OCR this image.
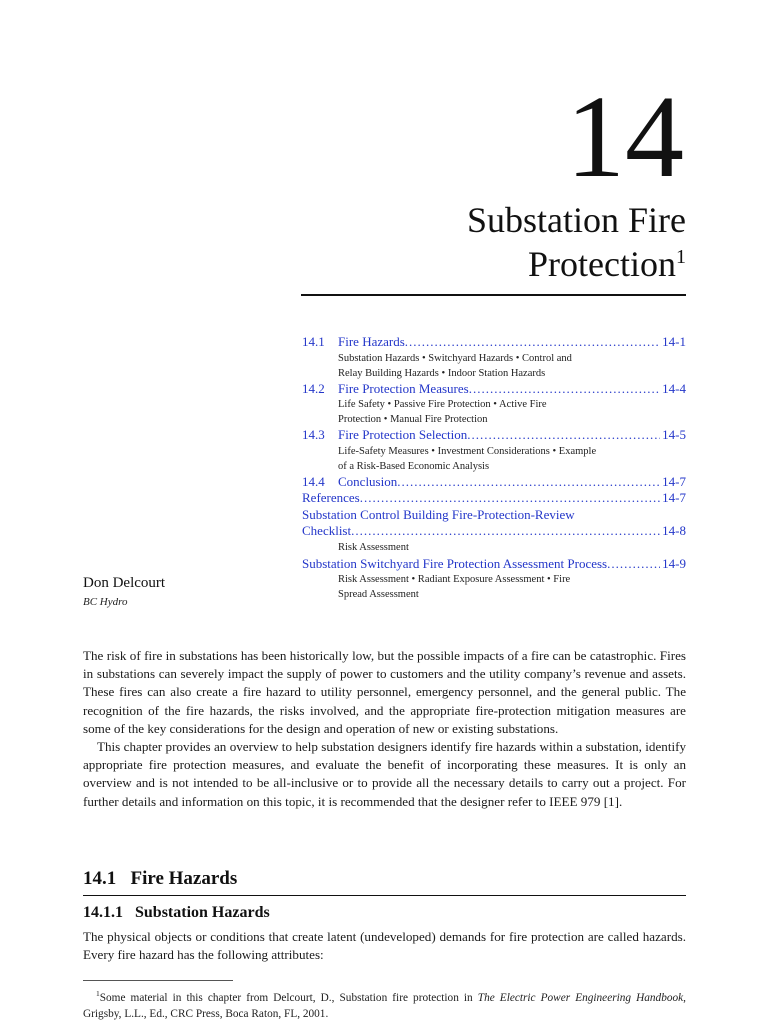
14
Substation Fire
Protection$^1$
14.1	Fire Hazards .....	14-1
Substation Hazards • Switchyard Hazards • Control and
Relay Building Hazards • Indoor Station Hazards
14.2	Fire Protection Measures .....	14-4
Life Safety • Passive Fire Protection • Active Fire
Protection • Manual Fire Protection
14.3	Fire Protection Selection .....	14-5
Life-Safety Measures • Investment Considerations • Example
of a Risk-Based Economic Analysis
14.4	Conclusion .....	14-7
References .....	14-7
Substation Control Building Fire-Protection-Review
Checklist .....	14-8
Risk Assessment
Substation Switchyard Fire Protection Assessment Process .....	14-9
Risk Assessment • Radiant Exposure Assessment • Fire
Spread Assessment
Don Delcourt
BC Hydro

The risk of fire in substations has been historically low, but the possible impacts of a fire can be catastrophic. Fires in substations can severely impact the supply of power to customers and the utility company’s revenue and assets. These fires can also create a fire hazard to utility personnel, emergency personnel, and the general public. The recognition of the fire hazards, the risks involved, and the appropriate fire-protection mitigation measures are some of the key considerations for the design and operation of new or existing substations.

This chapter provides an overview to help substation designers identify fire hazards within a substation, identify appropriate fire protection measures, and evaluate the benefit of incorporating these measures. It is only an overview and is not intended to be all-inclusive or to provide all the necessary details to carry out a project. For further details and information on this topic, it is recommended that the designer refer to IEEE 979 [1].

14.1   Fire Hazards
14.1.1   Substation Hazards
The physical objects or conditions that create latent (undeveloped) demands for fire protection are called hazards. Every fire hazard has the following attributes:
$^1$Some material in this chapter from Delcourt, D., Substation fire protection in The Electric Power Engineering Handbook, Grigsby, L.L., Ed., CRC Press, Boca Raton, FL, 2001.
